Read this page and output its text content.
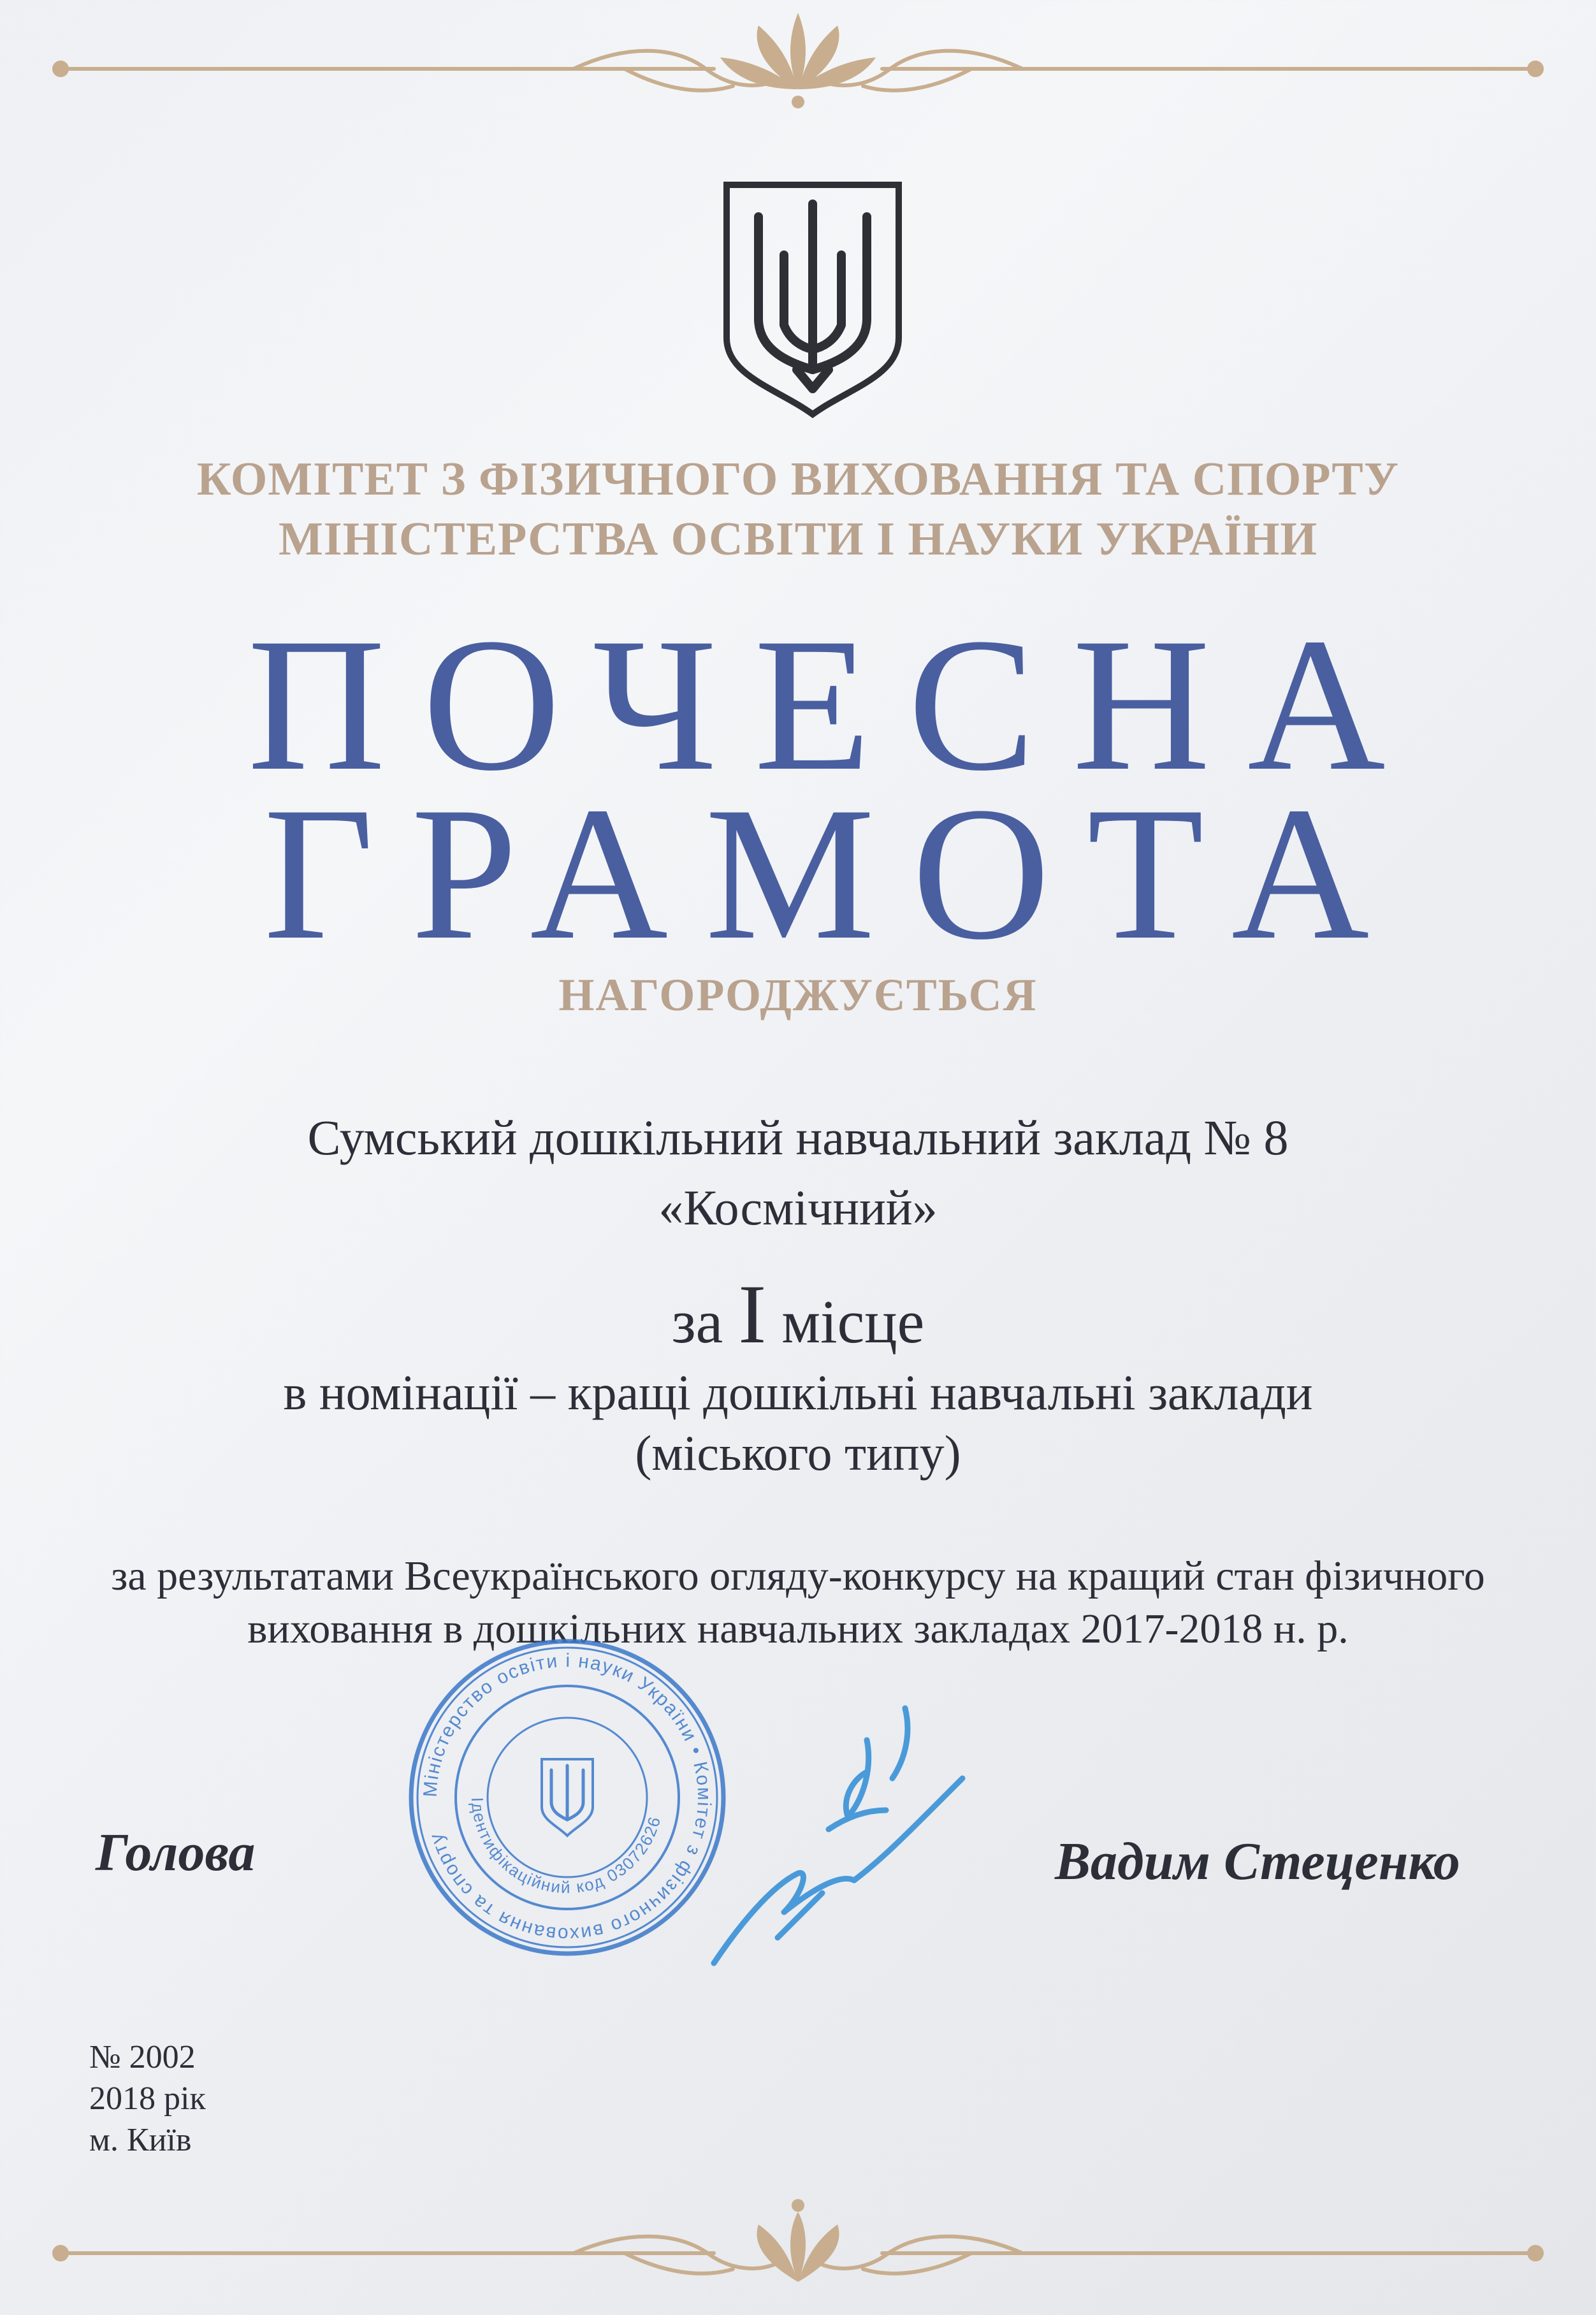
КОМІТЕТ З ФІЗИЧНОГО ВИХОВАННЯ ТА СПОРТУ
МІНІСТЕРСТВА ОСВІТИ І НАУКИ УКРАЇНИ
ПОЧЕСНА
ГРАМОТА
НАГОРОДЖУЄТЬСЯ
Сумський дошкільний навчальний заклад № 8
«Космічний»
за I місце
в номінації – кращі дошкільні навчальні заклади
(міського типу)
за результатами Всеукраїнського огляду-конкурсу на кращий стан фізичного
виховання в дошкільних навчальних закладах 2017-2018 н. р.
Міністерство освіти і науки України • Комітет з фізичного виховання та спорту
Ідентифікаційний код 03072626
Голова	Вадим Стеценко
№ 2002
2018 рік
м. Київ
